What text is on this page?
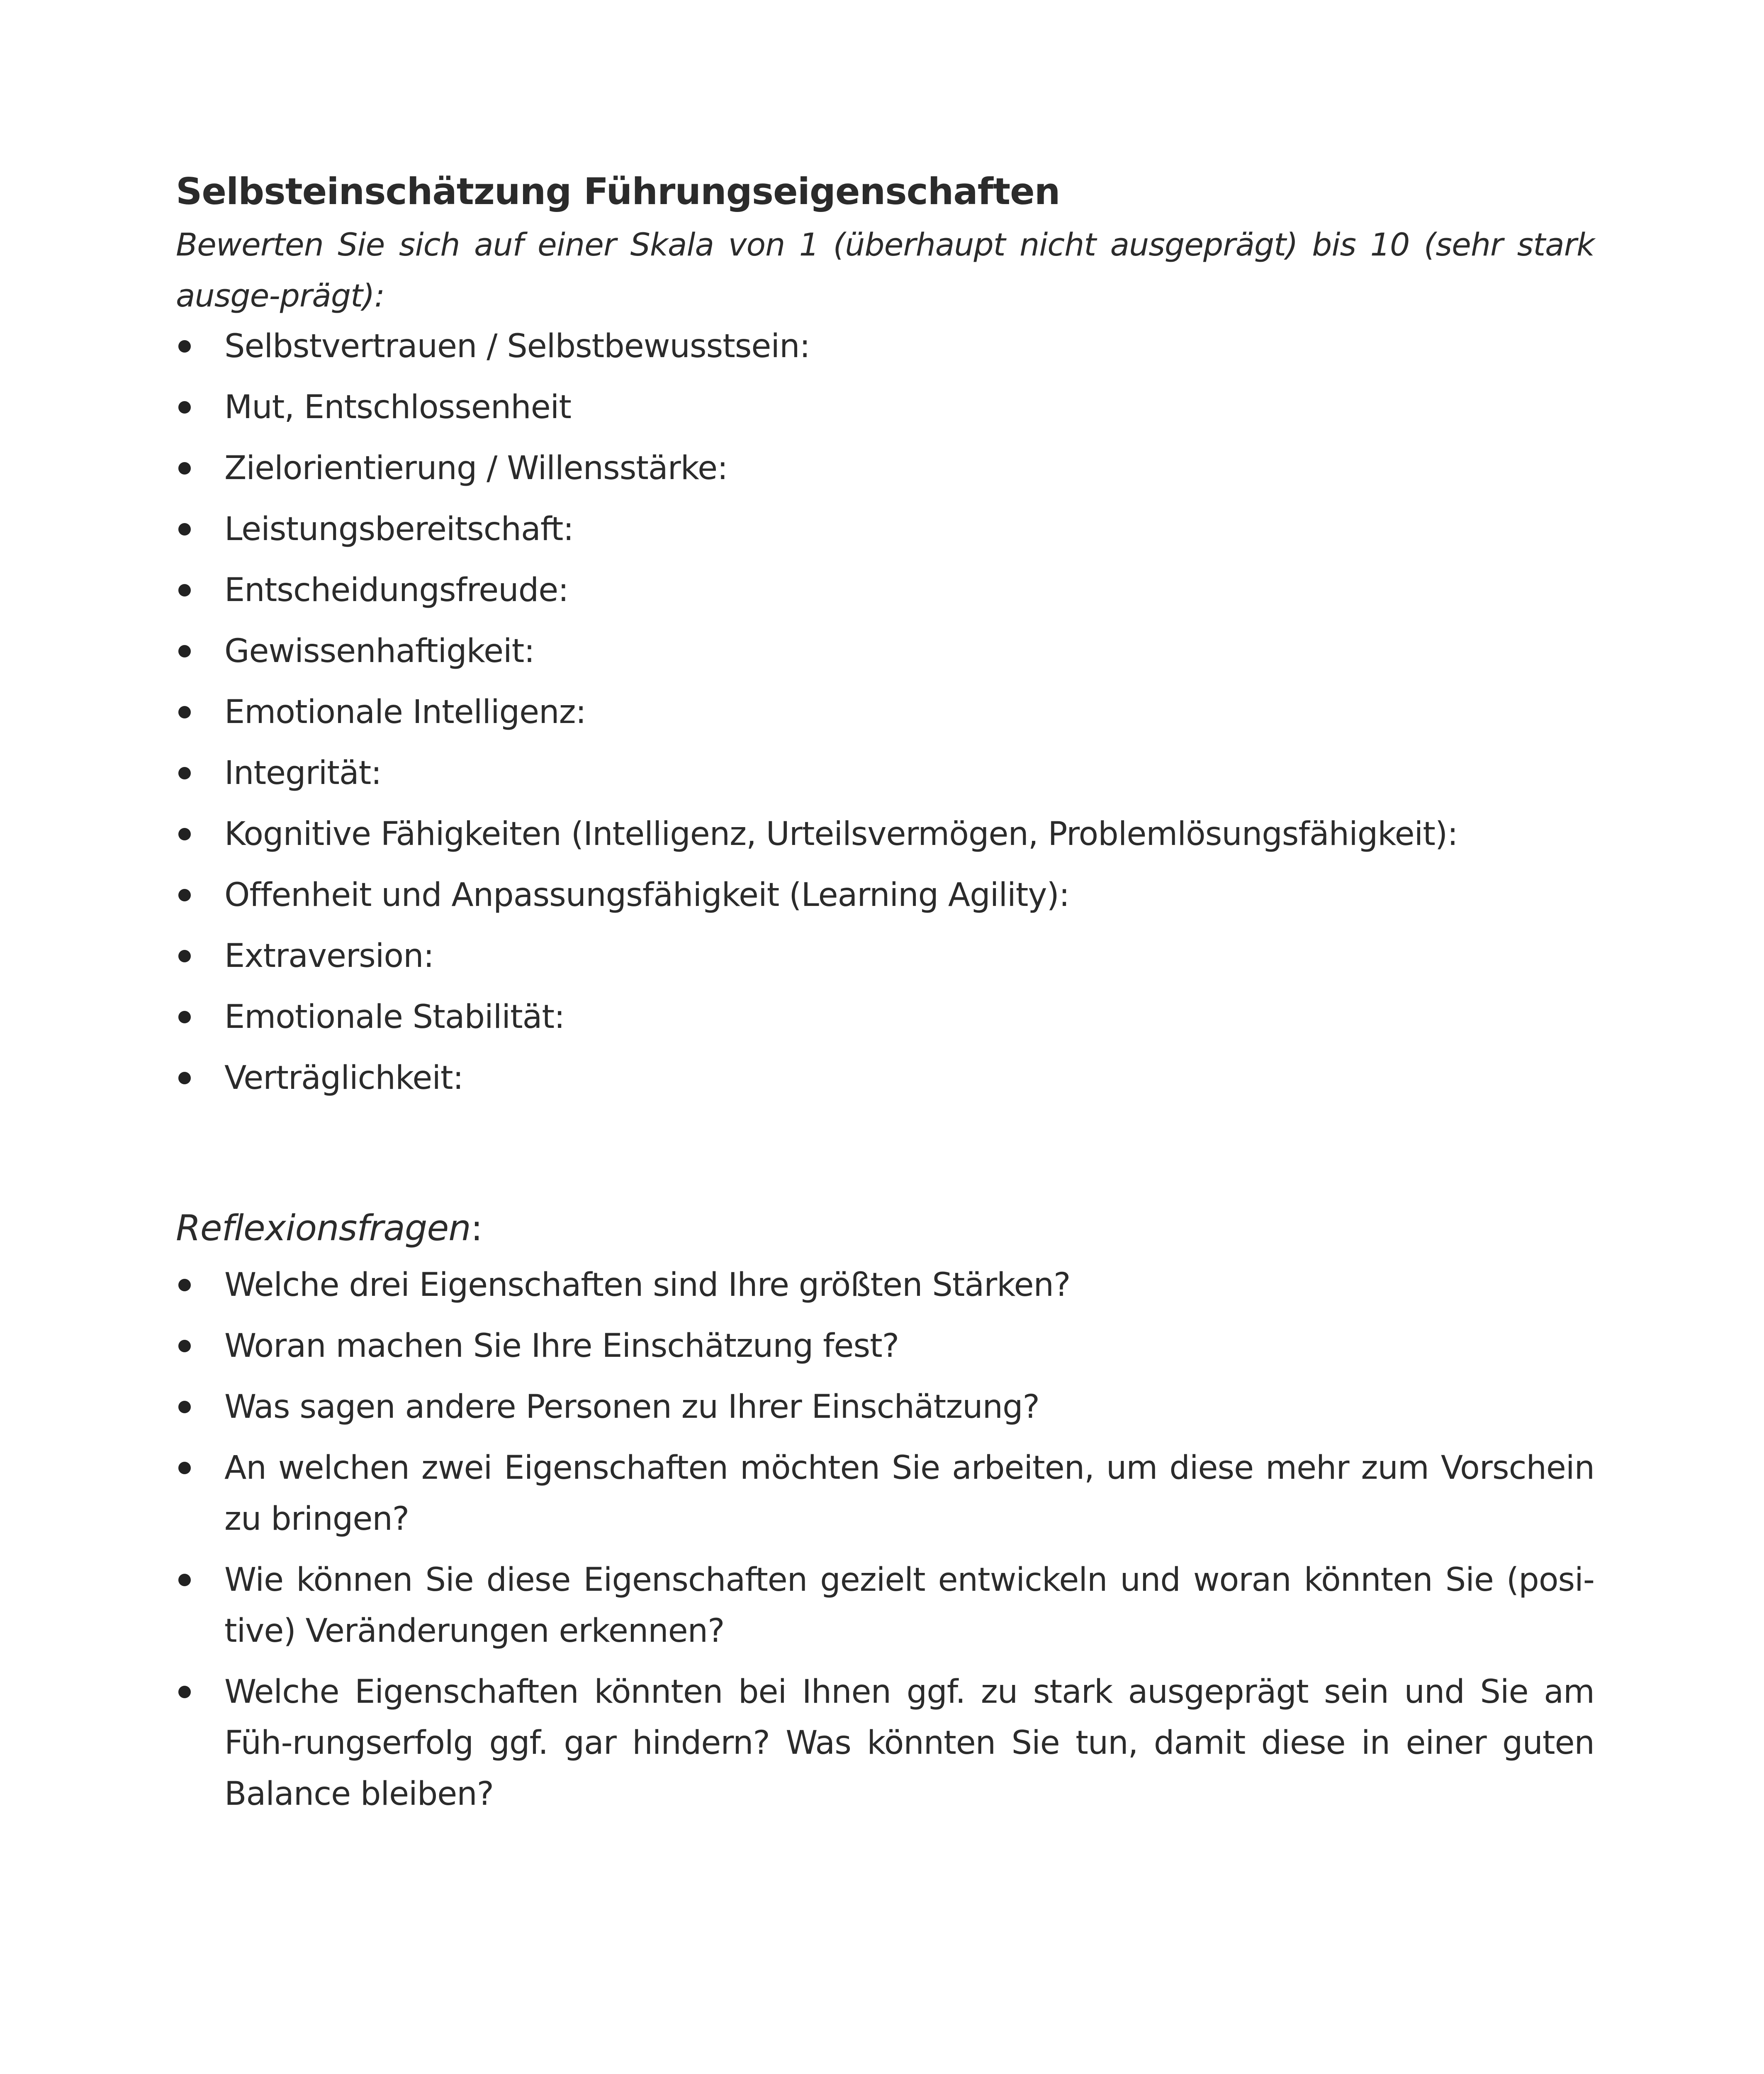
Selbsteinschätzung Führungseigenschaften

Bewerten Sie sich auf einer Skala von 1 (überhaupt nicht ausgeprägt) bis 10 (sehr stark ausge-prägt):

Selbstvertrauen / Selbstbewusstsein:
Mut, Entschlossenheit
Zielorientierung / Willensstärke:
Leistungsbereitschaft:
Entscheidungsfreude:
Gewissenhaftigkeit:
Emotionale Intelligenz:
Integrität:
Kognitive Fähigkeiten (Intelligenz, Urteilsvermögen, Problemlösungsfähigkeit):
Offenheit und Anpassungsfähigkeit (Learning Agility):
Extraversion:
Emotionale Stabilität:
Verträglichkeit:

Reflexionsfragen:

Welche drei Eigenschaften sind Ihre größten Stärken?
Woran machen Sie Ihre Einschätzung fest?
Was sagen andere Personen zu Ihrer Einschätzung?
An welchen zwei Eigenschaften möchten Sie arbeiten, um diese mehr zum Vorschein zu bringen?
Wie können Sie diese Eigenschaften gezielt entwickeln und woran könnten Sie (posi-tive) Veränderungen erkennen?
Welche Eigenschaften könnten bei Ihnen ggf. zu stark ausgeprägt sein und Sie am Füh-rungserfolg ggf. gar hindern? Was könnten Sie tun, damit diese in einer guten Balance bleiben?
